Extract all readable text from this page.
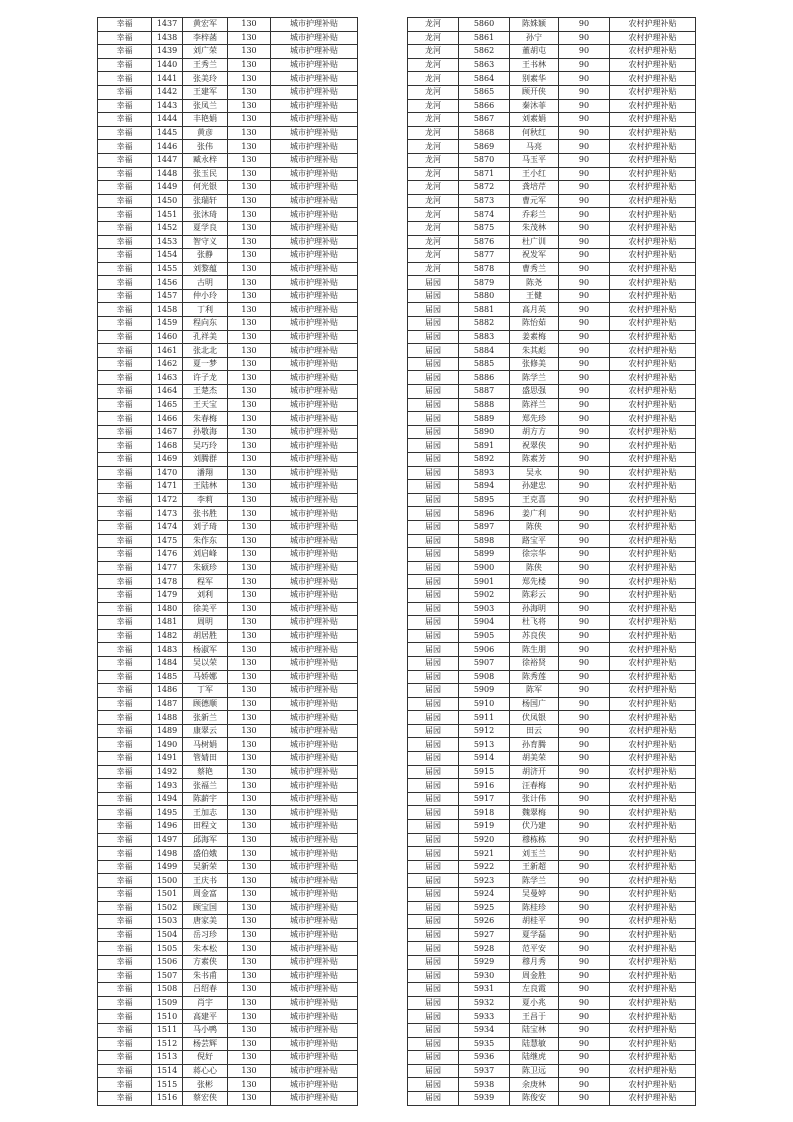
幸福	1437	黄宏军	130	城市护理补贴
幸福	1438	李梓菡	130	城市护理补贴
幸福	1439	刘广荣	130	城市护理补贴
幸福	1440	王秀兰	130	城市护理补贴
幸福	1441	张美玲	130	城市护理补贴
幸福	1442	王建军	130	城市护理补贴
幸福	1443	张凤兰	130	城市护理补贴
幸福	1444	丰艳娟	130	城市护理补贴
幸福	1445	黄彦	130	城市护理补贴
幸福	1446	张伟	130	城市护理补贴
幸福	1447	臧永梓	130	城市护理补贴
幸福	1448	张玉民	130	城市护理补贴
幸福	1449	何光银	130	城市护理补贴
幸福	1450	张瑞轩	130	城市护理补贴
幸福	1451	张沐琦	130	城市护理补贴
幸福	1452	夏学良	130	城市护理补贴
幸福	1453	智守义	130	城市护理补贴
幸福	1454	张静	130	城市护理补贴
幸福	1455	刘黎蕴	130	城市护理补贴
幸福	1456	古明	130	城市护理补贴
幸福	1457	仲小玲	130	城市护理补贴
幸福	1458	丁利	130	城市护理补贴
幸福	1459	程向东	130	城市护理补贴
幸福	1460	孔祥美	130	城市护理补贴
幸福	1461	张北北	130	城市护理补贴
幸福	1462	夏一梦	130	城市护理补贴
幸福	1463	许子龙	130	城市护理补贴
幸福	1464	王楚杰	130	城市护理补贴
幸福	1465	王天宝	130	城市护理补贴
幸福	1466	朱春梅	130	城市护理补贴
幸福	1467	孙敬海	130	城市护理补贴
幸福	1468	吴巧玲	130	城市护理补贴
幸福	1469	刘腾群	130	城市护理补贴
幸福	1470	潘翔	130	城市护理补贴
幸福	1471	王陆林	130	城市护理补贴
幸福	1472	李莉	130	城市护理补贴
幸福	1473	张书胜	130	城市护理补贴
幸福	1474	刘子琦	130	城市护理补贴
幸福	1475	朱作东	130	城市护理补贴
幸福	1476	刘启峰	130	城市护理补贴
幸福	1477	朱硕珍	130	城市护理补贴
幸福	1478	程军	130	城市护理补贴
幸福	1479	刘利	130	城市护理补贴
幸福	1480	徐美平	130	城市护理补贴
幸福	1481	周明	130	城市护理补贴
幸福	1482	胡居胜	130	城市护理补贴
幸福	1483	杨淑军	130	城市护理补贴
幸福	1484	吴以荣	130	城市护理补贴
幸福	1485	马娇娜	130	城市护理补贴
幸福	1486	丁军	130	城市护理补贴
幸福	1487	顾德顺	130	城市护理补贴
幸福	1488	张新兰	130	城市护理补贴
幸福	1489	康翠云	130	城市护理补贴
幸福	1490	马树娟	130	城市护理补贴
幸福	1491	管婧田	130	城市护理补贴
幸福	1492	蔡艳	130	城市护理补贴
幸福	1493	张福兰	130	城市护理补贴
幸福	1494	陈薪宇	130	城市护理补贴
幸福	1495	王加志	130	城市护理补贴
幸福	1496	田程文	130	城市护理补贴
幸福	1497	邱海军	130	城市护理补贴
幸福	1498	盛伯娥	130	城市护理补贴
幸福	1499	吴新荣	130	城市护理补贴
幸福	1500	王庆书	130	城市护理补贴
幸福	1501	周金富	130	城市护理补贴
幸福	1502	顾宝国	130	城市护理补贴
幸福	1503	唐家美	130	城市护理补贴
幸福	1504	岳习珍	130	城市护理补贴
幸福	1505	朱本松	130	城市护理补贴
幸福	1506	方素侠	130	城市护理补贴
幸福	1507	朱书甫	130	城市护理补贴
幸福	1508	吕绍春	130	城市护理补贴
幸福	1509	肖宇	130	城市护理补贴
幸福	1510	高建平	130	城市护理补贴
幸福	1511	马小鸭	130	城市护理补贴
幸福	1512	杨芸辉	130	城市护理补贴
幸福	1513	倪好	130	城市护理补贴
幸福	1514	蒋心心	130	城市护理补贴
幸福	1515	张彬	130	城市护理补贴
幸福	1516	蔡宏侠	130	城市护理补贴
龙河	5860	陈姝颖	90	农村护理补贴
龙河	5861	孙宁	90	农村护理补贴
龙河	5862	董胡屯	90	农村护理补贴
龙河	5863	王书林	90	农村护理补贴
龙河	5864	别素华	90	农村护理补贴
龙河	5865	顾开侠	90	农村护理补贴
龙河	5866	秦沐菲	90	农村护理补贴
龙河	5867	刘素娟	90	农村护理补贴
龙河	5868	何秋红	90	农村护理补贴
龙河	5869	马亮	90	农村护理补贴
龙河	5870	马玉平	90	农村护理补贴
龙河	5871	王小红	90	农村护理补贴
龙河	5872	龚培芹	90	农村护理补贴
龙河	5873	曹元军	90	农村护理补贴
龙河	5874	乔彩兰	90	农村护理补贴
龙河	5875	朱茂林	90	农村护理补贴
龙河	5876	杜广训	90	农村护理补贴
龙河	5877	祝发军	90	农村护理补贴
龙河	5878	曹秀兰	90	农村护理补贴
届园	5879	陈尧	90	农村护理补贴
届园	5880	王健	90	农村护理补贴
届园	5881	高月英	90	农村护理补贴
届园	5882	陈怡茹	90	农村护理补贴
届园	5883	姜素梅	90	农村护理补贴
届园	5884	朱其彪	90	农村护理补贴
届园	5885	张修美	90	农村护理补贴
届园	5886	陈学兰	90	农村护理补贴
届园	5887	盛思强	90	农村护理补贴
届园	5888	陈祥兰	90	农村护理补贴
届园	5889	郑先珍	90	农村护理补贴
届园	5890	胡方方	90	农村护理补贴
届园	5891	祝翠侠	90	农村护理补贴
届园	5892	陈素芳	90	农村护理补贴
届园	5893	吴永	90	农村护理补贴
届园	5894	孙建忠	90	农村护理补贴
届园	5895	王克喜	90	农村护理补贴
届园	5896	姜广利	90	农村护理补贴
届园	5897	陈侠	90	农村护理补贴
届园	5898	路宝平	90	农村护理补贴
届园	5899	徐宗华	90	农村护理补贴
届园	5900	陈侠	90	农村护理补贴
届园	5901	郑先楼	90	农村护理补贴
届园	5902	陈彩云	90	农村护理补贴
届园	5903	孙海明	90	农村护理补贴
届园	5904	杜飞将	90	农村护理补贴
届园	5905	苏良侠	90	农村护理补贴
届园	5906	陈生朋	90	农村护理补贴
届园	5907	徐裕贤	90	农村护理补贴
届园	5908	陈秀莲	90	农村护理补贴
届园	5909	陈军	90	农村护理补贴
届园	5910	杨国广	90	农村护理补贴
届园	5911	伏凤银	90	农村护理补贴
届园	5912	田云	90	农村护理补贴
届园	5913	孙育腾	90	农村护理补贴
届园	5914	胡美荣	90	农村护理补贴
届园	5915	胡济开	90	农村护理补贴
届园	5916	汪春梅	90	农村护理补贴
届园	5917	张计伟	90	农村护理补贴
届园	5918	魏翠梅	90	农村护理补贴
届园	5919	伏乃建	90	农村护理补贴
届园	5920	穆栋栋	90	农村护理补贴
届园	5921	刘玉兰	90	农村护理补贴
届园	5922	王新超	90	农村护理补贴
届园	5923	陈学兰	90	农村护理补贴
届园	5924	吴曼婷	90	农村护理补贴
届园	5925	陈桂珍	90	农村护理补贴
届园	5926	胡桂平	90	农村护理补贴
届园	5927	夏学磊	90	农村护理补贴
届园	5928	范平安	90	农村护理补贴
届园	5929	穆月秀	90	农村护理补贴
届园	5930	周金胜	90	农村护理补贴
届园	5931	左良霞	90	农村护理补贴
届园	5932	夏小兆	90	农村护理补贴
届园	5933	王昌于	90	农村护理补贴
届园	5934	陆宝林	90	农村护理补贴
届园	5935	陆慧敏	90	农村护理补贴
届园	5936	陆继虎	90	农村护理补贴
届园	5937	陈卫远	90	农村护理补贴
届园	5938	余庚林	90	农村护理补贴
届园	5939	陈俊安	90	农村护理补贴
